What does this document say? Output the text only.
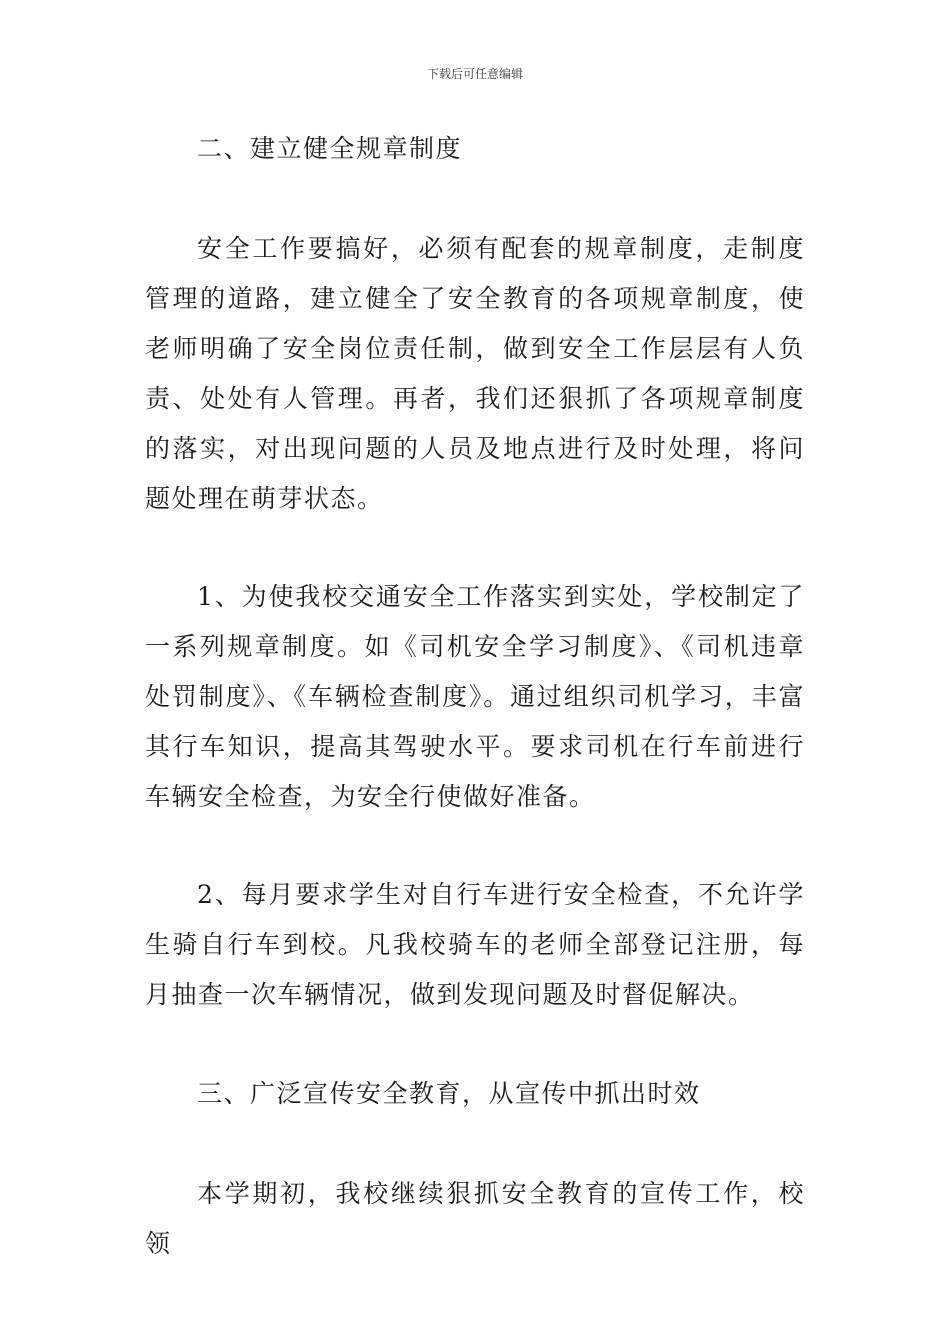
下载后可任意编辑

二、建立健全规章制度

安全工作要搞好，必须有配套的规章制度，走制度管理的道路，建立健全了安全教育的各项规章制度，使老师明确了安全岗位责任制，做到安全工作层层有人负责、处处有人管理。再者，我们还狠抓了各项规章制度的落实，对出现问题的人员及地点进行及时处理，将问题处理在萌芽状态。

1、为使我校交通安全工作落实到实处，学校制定了一系列规章制度。如《司机安全学习制度》、《司机违章处罚制度》、《车辆检查制度》。通过组织司机学习，丰富其行车知识，提高其驾驶水平。要求司机在行车前进行车辆安全检查，为安全行使做好准备。

2、每月要求学生对自行车进行安全检查，不允许学生骑自行车到校。凡我校骑车的老师全部登记注册，每月抽查一次车辆情况，做到发现问题及时督促解决。

三、广泛宣传安全教育，从宣传中抓出时效

本学期初，我校继续狠抓安全教育的宣传工作，校领
